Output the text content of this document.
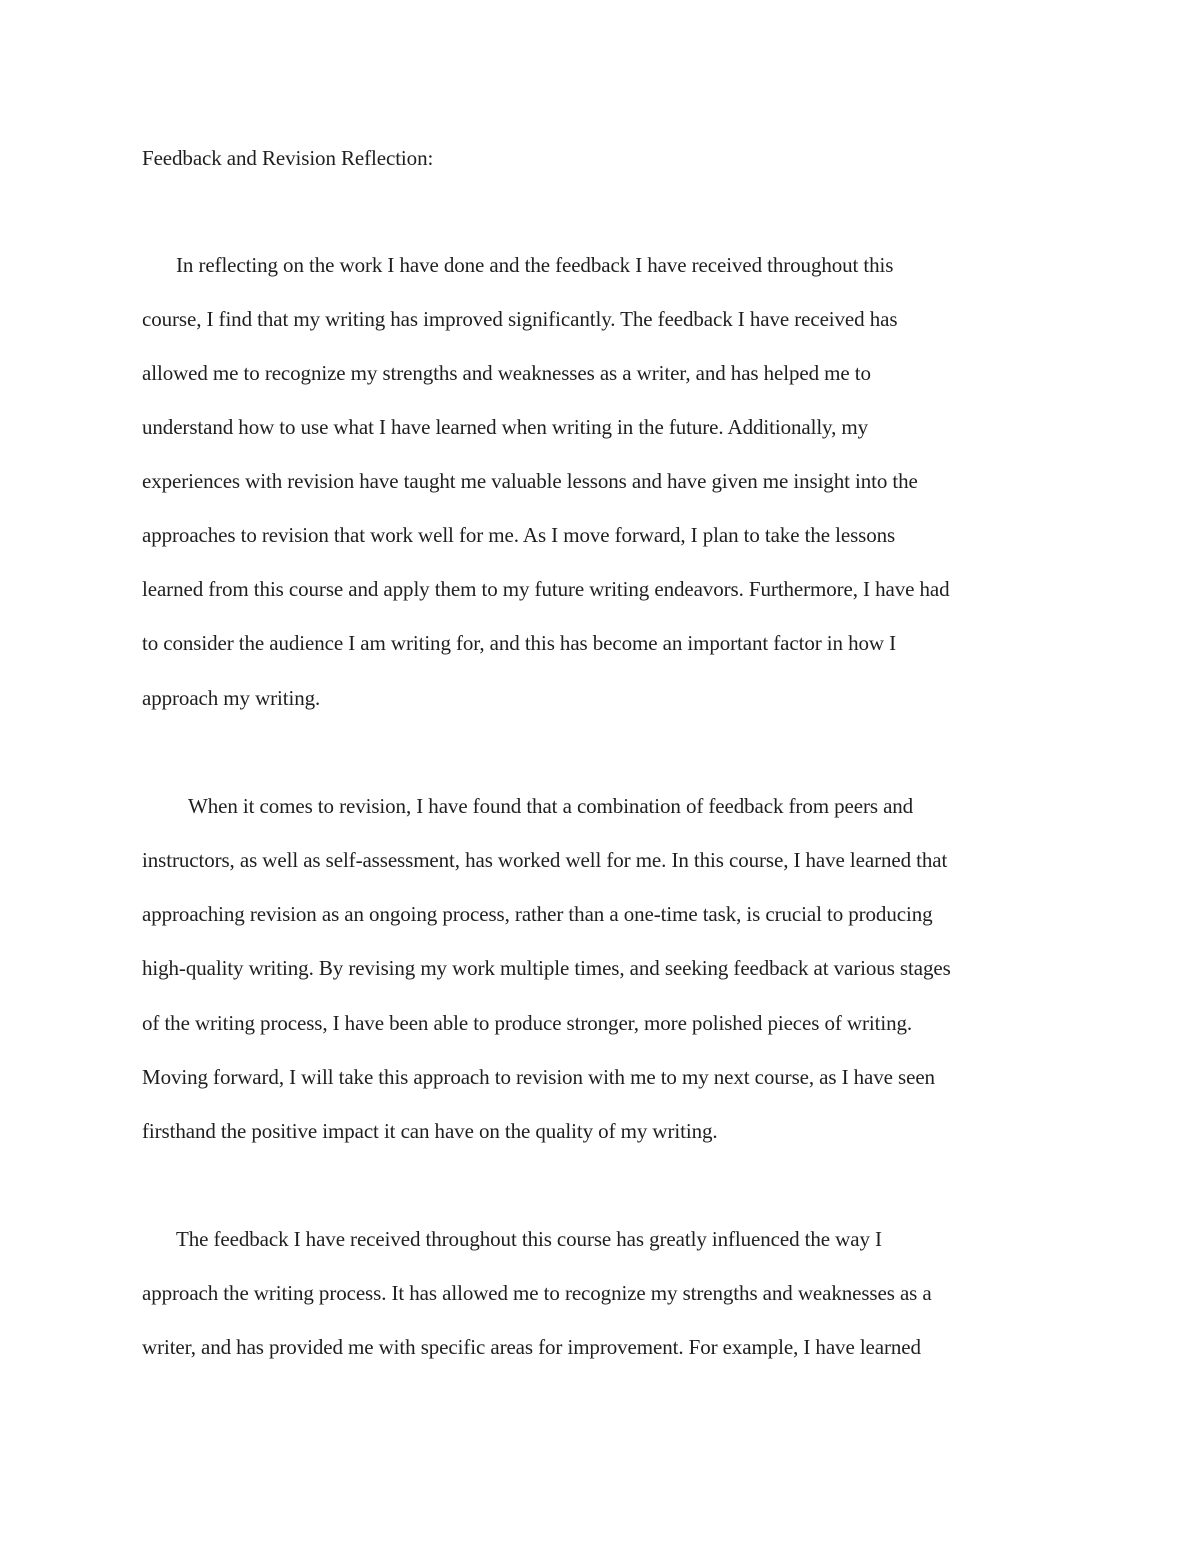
Feedback and Revision Reflection:
In reflecting on the work I have done and the feedback I have received throughout this
course, I find that my writing has improved significantly. The feedback I have received has
allowed me to recognize my strengths and weaknesses as a writer, and has helped me to
understand how to use what I have learned when writing in the future. Additionally, my
experiences with revision have taught me valuable lessons and have given me insight into the
approaches to revision that work well for me. As I move forward, I plan to take the lessons
learned from this course and apply them to my future writing endeavors. Furthermore, I have had
to consider the audience I am writing for, and this has become an important factor in how I
approach my writing.
When it comes to revision, I have found that a combination of feedback from peers and
instructors, as well as self-assessment, has worked well for me. In this course, I have learned that
approaching revision as an ongoing process, rather than a one-time task, is crucial to producing
high-quality writing. By revising my work multiple times, and seeking feedback at various stages
of the writing process, I have been able to produce stronger, more polished pieces of writing.
Moving forward, I will take this approach to revision with me to my next course, as I have seen
firsthand the positive impact it can have on the quality of my writing.
The feedback I have received throughout this course has greatly influenced the way I
approach the writing process. It has allowed me to recognize my strengths and weaknesses as a
writer, and has provided me with specific areas for improvement. For example, I have learned
